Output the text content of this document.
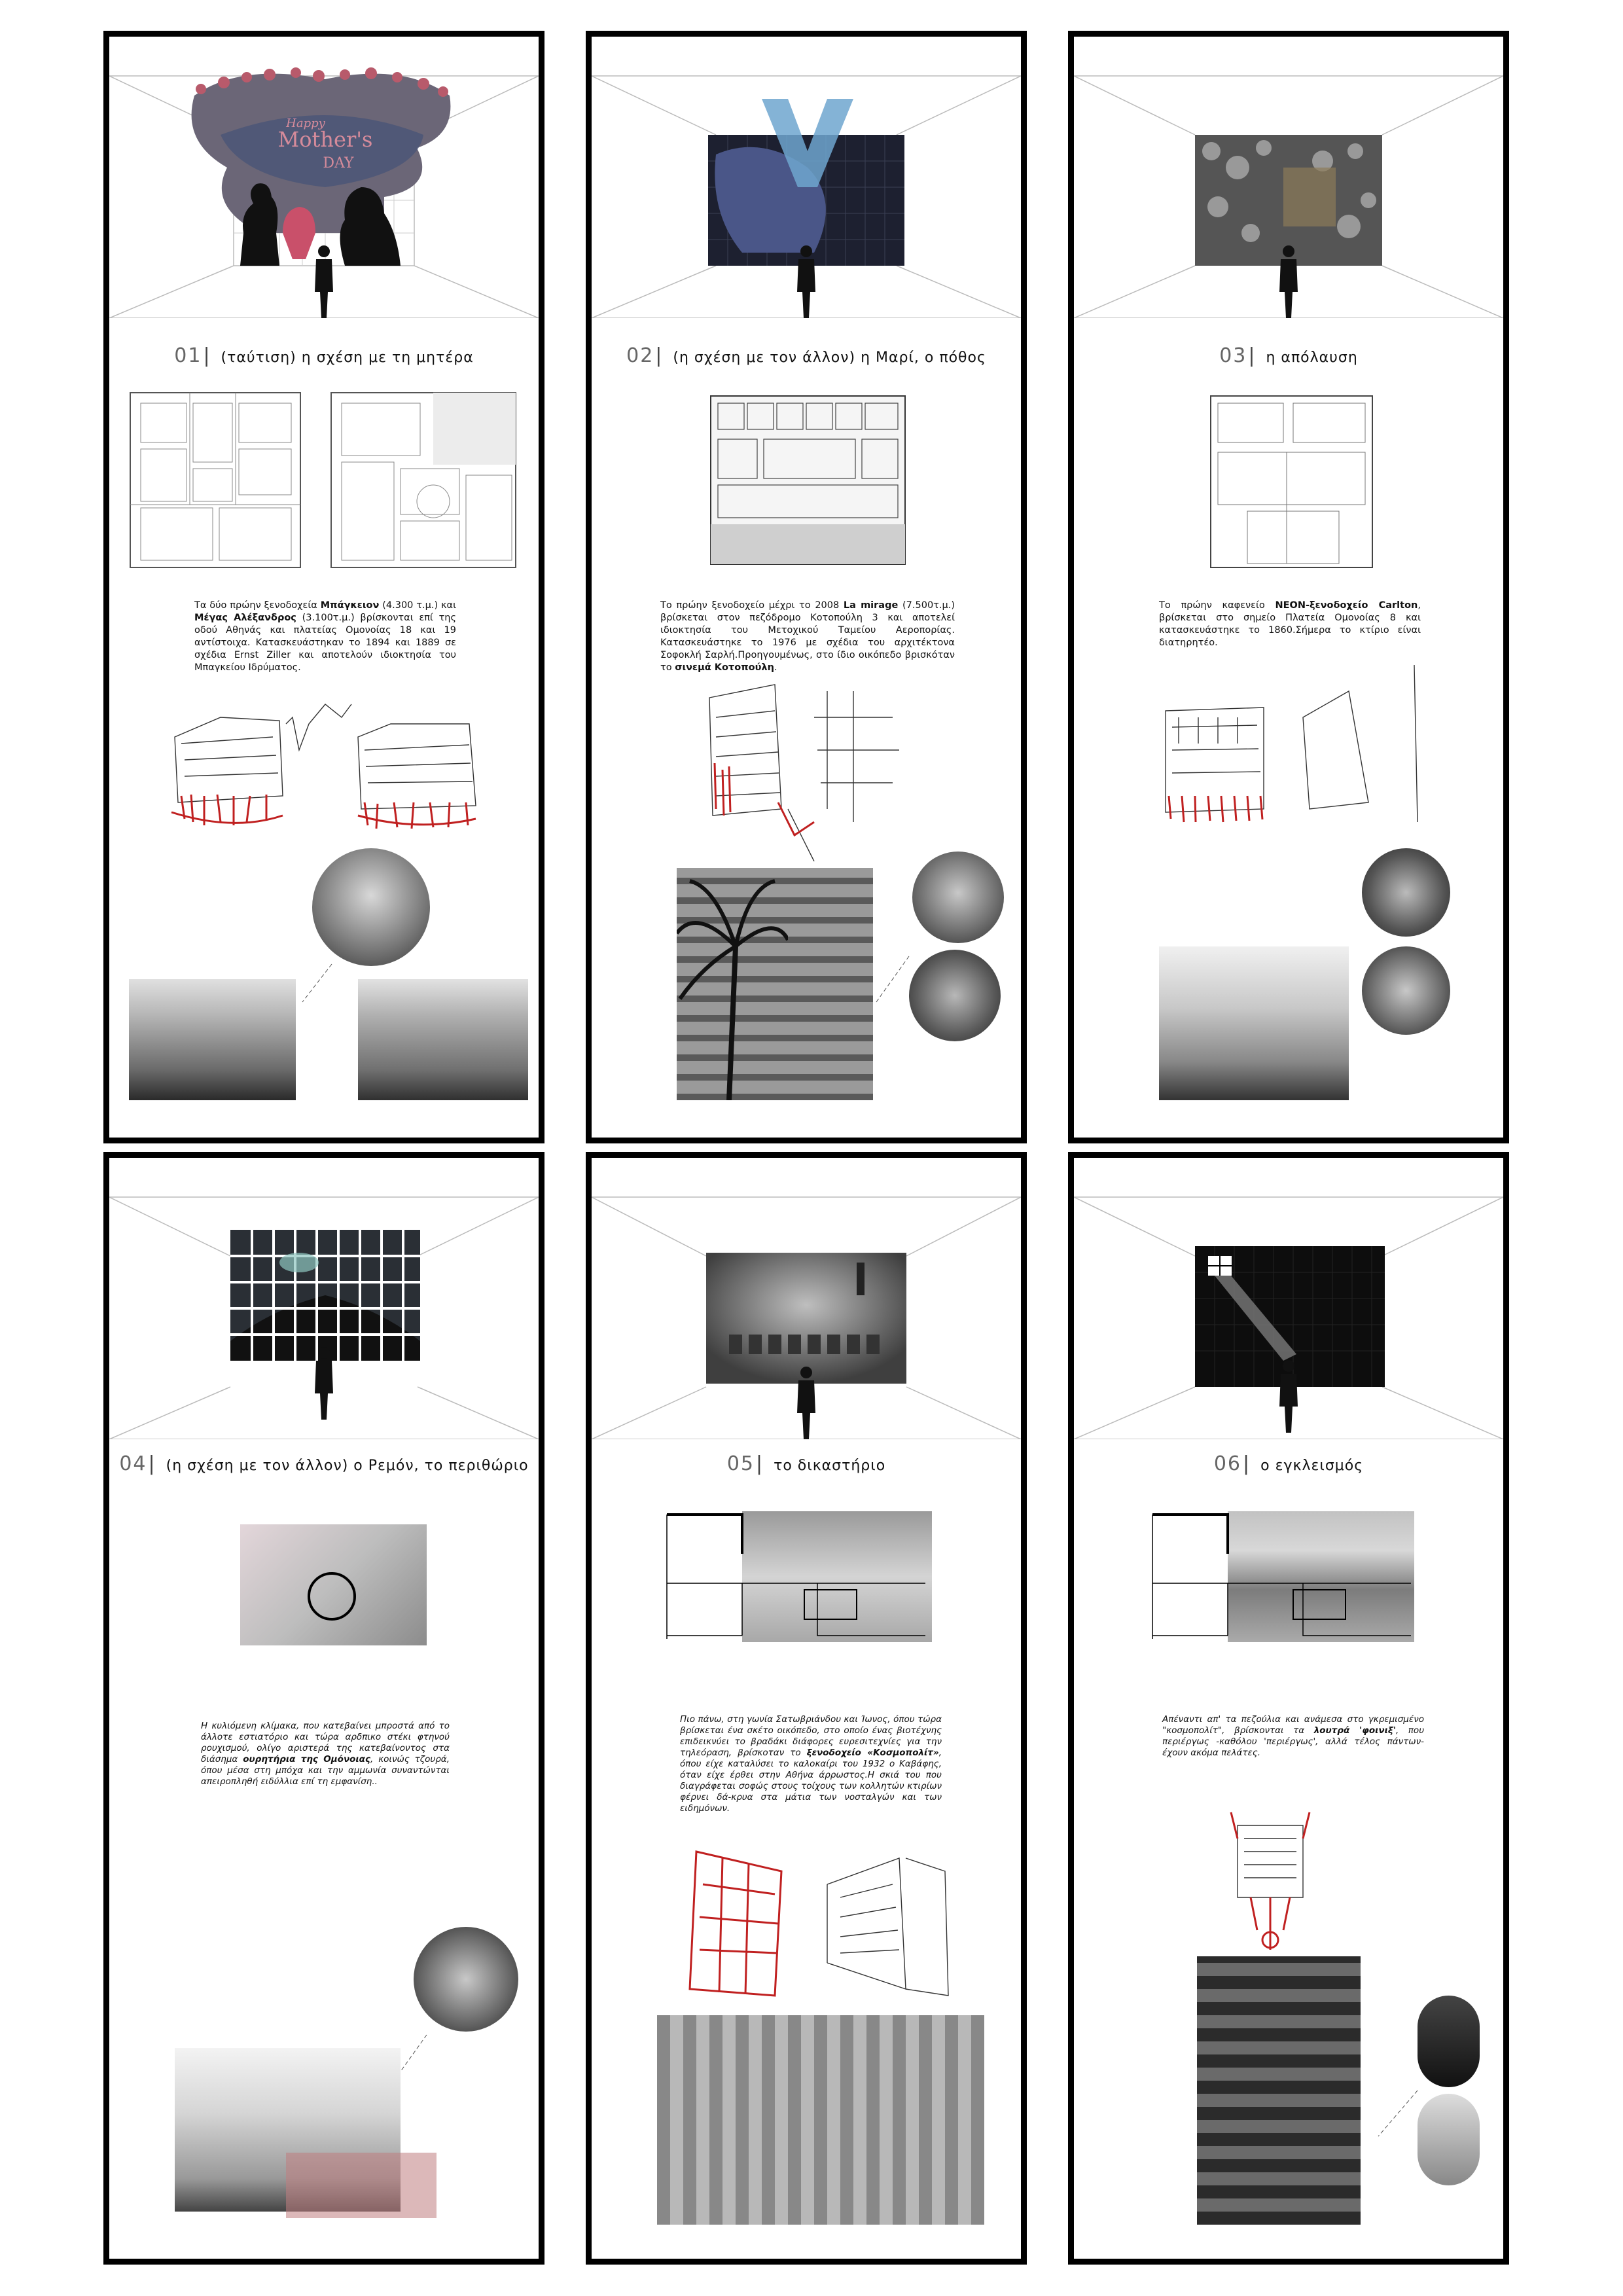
Happy
Mother's
DAY
01| (ταύτιση) η σχέση με τη μητέρα
Τα δύο πρώην ξενοδοχεία Μπάγκειον (4.300 τ.μ.) και Μέγας Αλέξανδρος (3.100τ.μ.) βρίσκονται επί της οδού Αθηνάς και πλατείας Ομονοίας 18 και 19 αντίστοιχα. Κατασκευάστηκαν το 1894 και 1889 σε σχέδια Ernst Ziller και αποτελούν ιδιοκτησία του Μπαγκείου Ιδρύματος.
02| (η σχέση με τον άλλον) η Μαρί, ο πόθος
Το πρώην ξενοδοχείο μέχρι το 2008 La mirage (7.500τ.μ.) βρίσκεται στον πεζόδρομο Κοτοπούλη 3 και αποτελεί ιδιοκτησία του Μετοχικού Ταμείου Αεροπορίας. Κατασκευάστηκε το 1976 με σχέδια του αρχιτέκτονα Σοφοκλή Σαρλή.Προηγουμένως, στο ίδιο οικόπεδο βρισκόταν το σινεμά Κοτοπούλη.
03| η απόλαυση
Το πρώην καφενείο NEON-ξενοδοχείο Carlton, βρίσκεται στο σημείο Πλατεία Ομονοίας 8 και κατασκευάστηκε το 1860.Σήμερα το κτίριο είναι διατηρητέο.
04| (η σχέση με τον άλλον) ο Ρεμόν, το περιθώριο
Η κυλιόμενη κλίμακα, που κατεβαίνει μπροστά από το άλλοτε εστιατόριο και τώρα αρδπικο στέκι φτηνού ρουχισμού, ολίγο αριστερά της κατεβαίνοντος στα διάσημα ουρητήρια της Ομόνοιας, κοινώς τζουρά, όπου μέσα στη μπόχα και την αμμωνία συναντώνται απειροπληθή ειδύλλια επί τη εμφανίση..
05| το δικαστήριο
Πιο πάνω, στη γωνία Σατωβριάνδου και Ίωνος, όπου τώρα βρίσκεται ένα σκέτο οικόπεδο, στο οποίο ένας βιοτέχνης επιδεικνύει το βραδάκι διάφορες ευρεσιτεχνίες για την τηλεόραση, βρίσκοταν το ξενοδοχείο «Κοσμοπολίτ», όπου είχε καταλύσει το καλοκαίρι του 1932 ο Καβάφης, όταν είχε έρθει στην Αθήνα άρρωστος.Η σκιά του που διαγράφεται σοφώς στους τοίχους των κολλητών κτιρίων φέρνει δά-κρυα στα μάτια των νοσταλγών και των ειδημόνων.
06| ο εγκλεισμός
Απέναντι απ' τα πεζούλια και ανάμεσα στο γκρεμισμένο "κοσμοπολίτ", βρίσκονται τα λουτρά 'φοινιξ', που περιέργως -καθόλου 'περιέργως', αλλά τέλος πάντων- έχουν ακόμα πελάτες.
